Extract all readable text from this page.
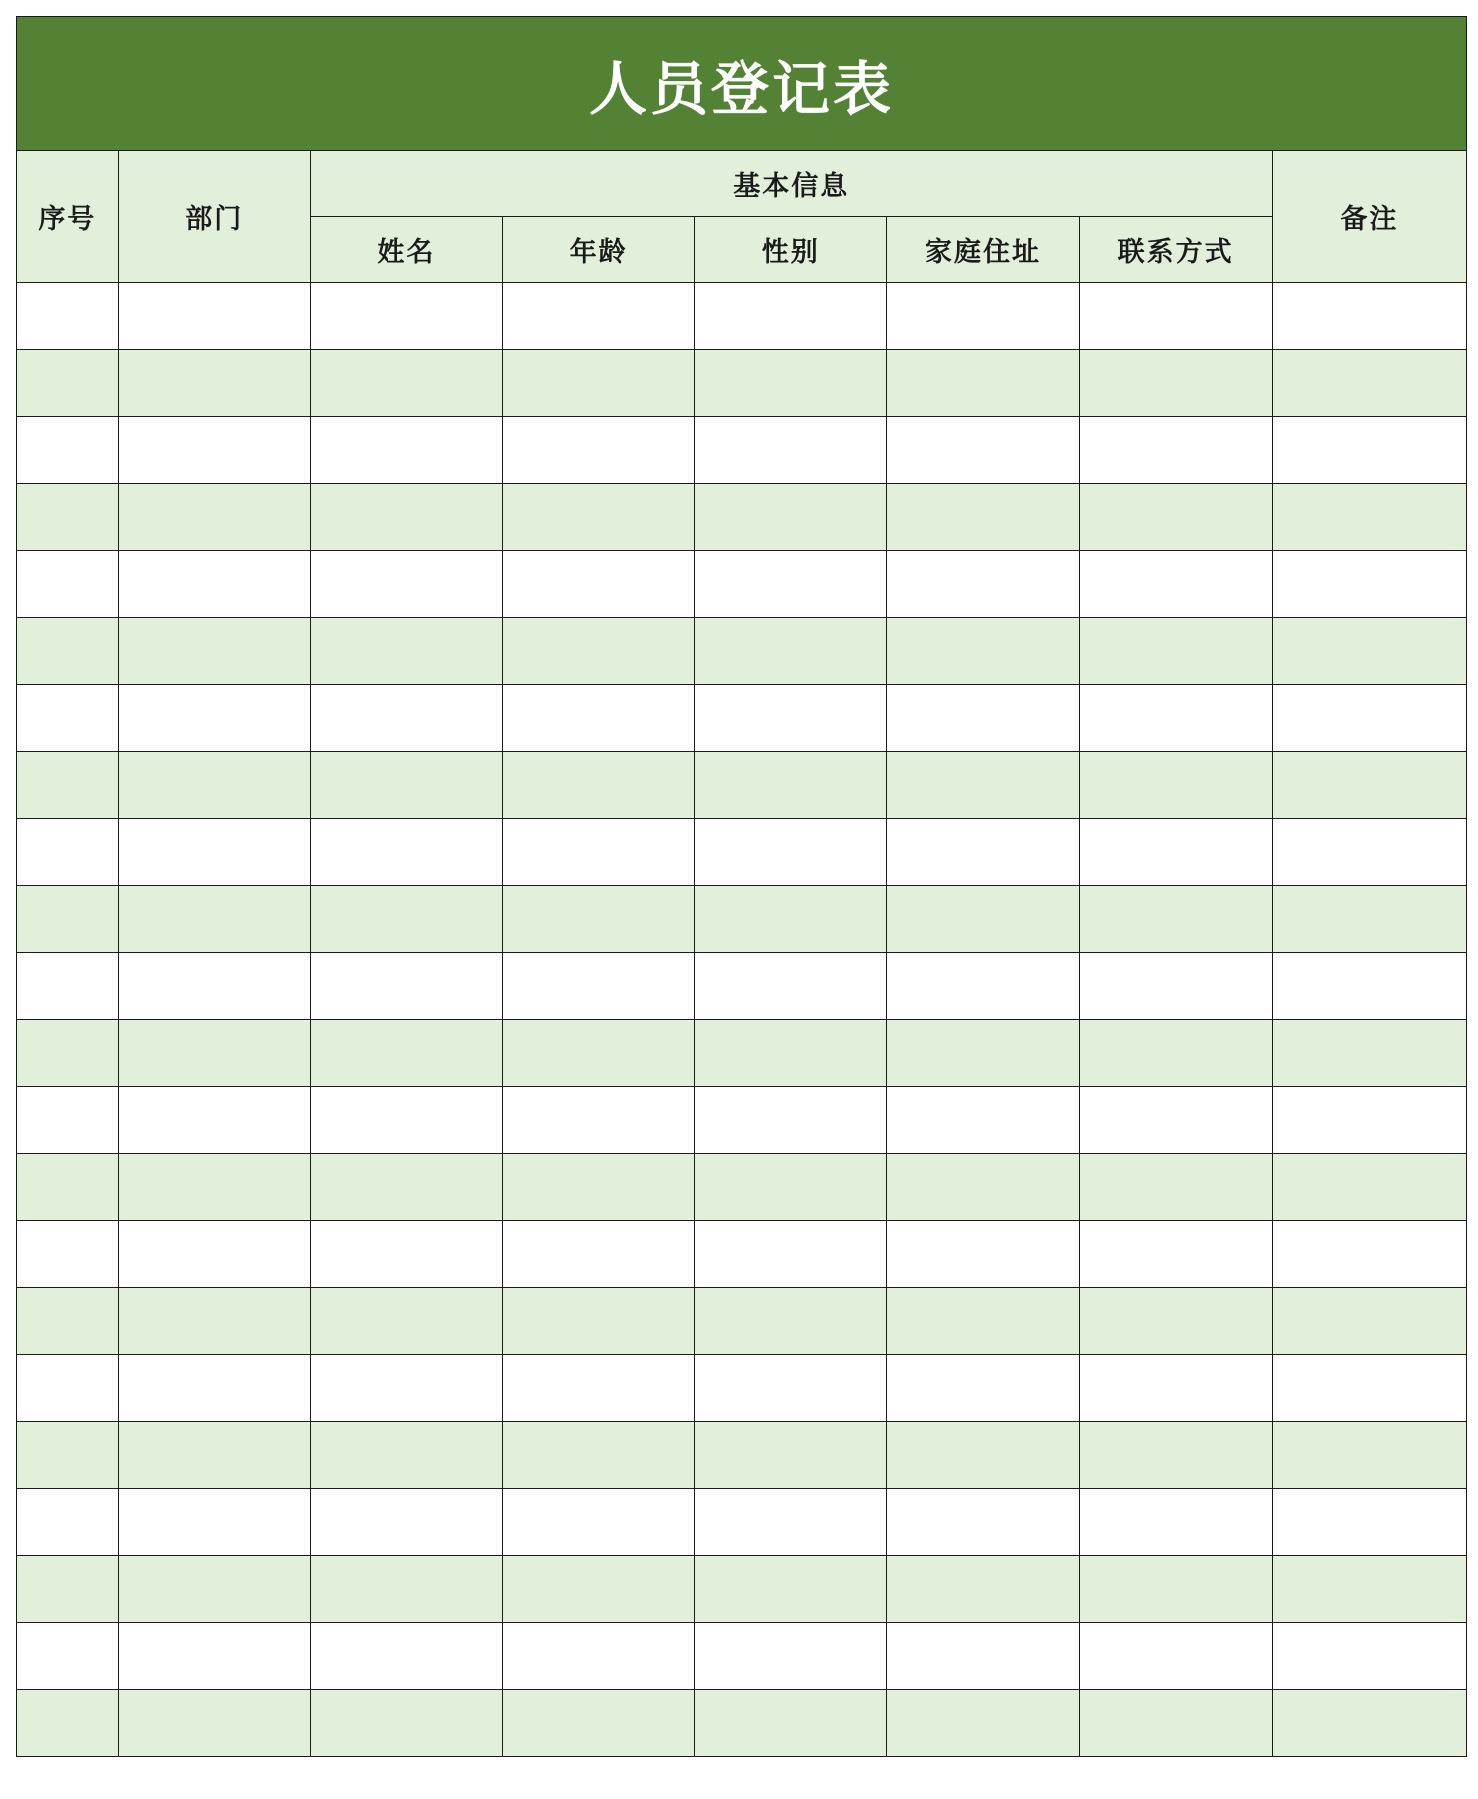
人员登记表							
序号	部门	基本信息					备注
		姓名	年龄	性别	家庭住址	联系方式	
